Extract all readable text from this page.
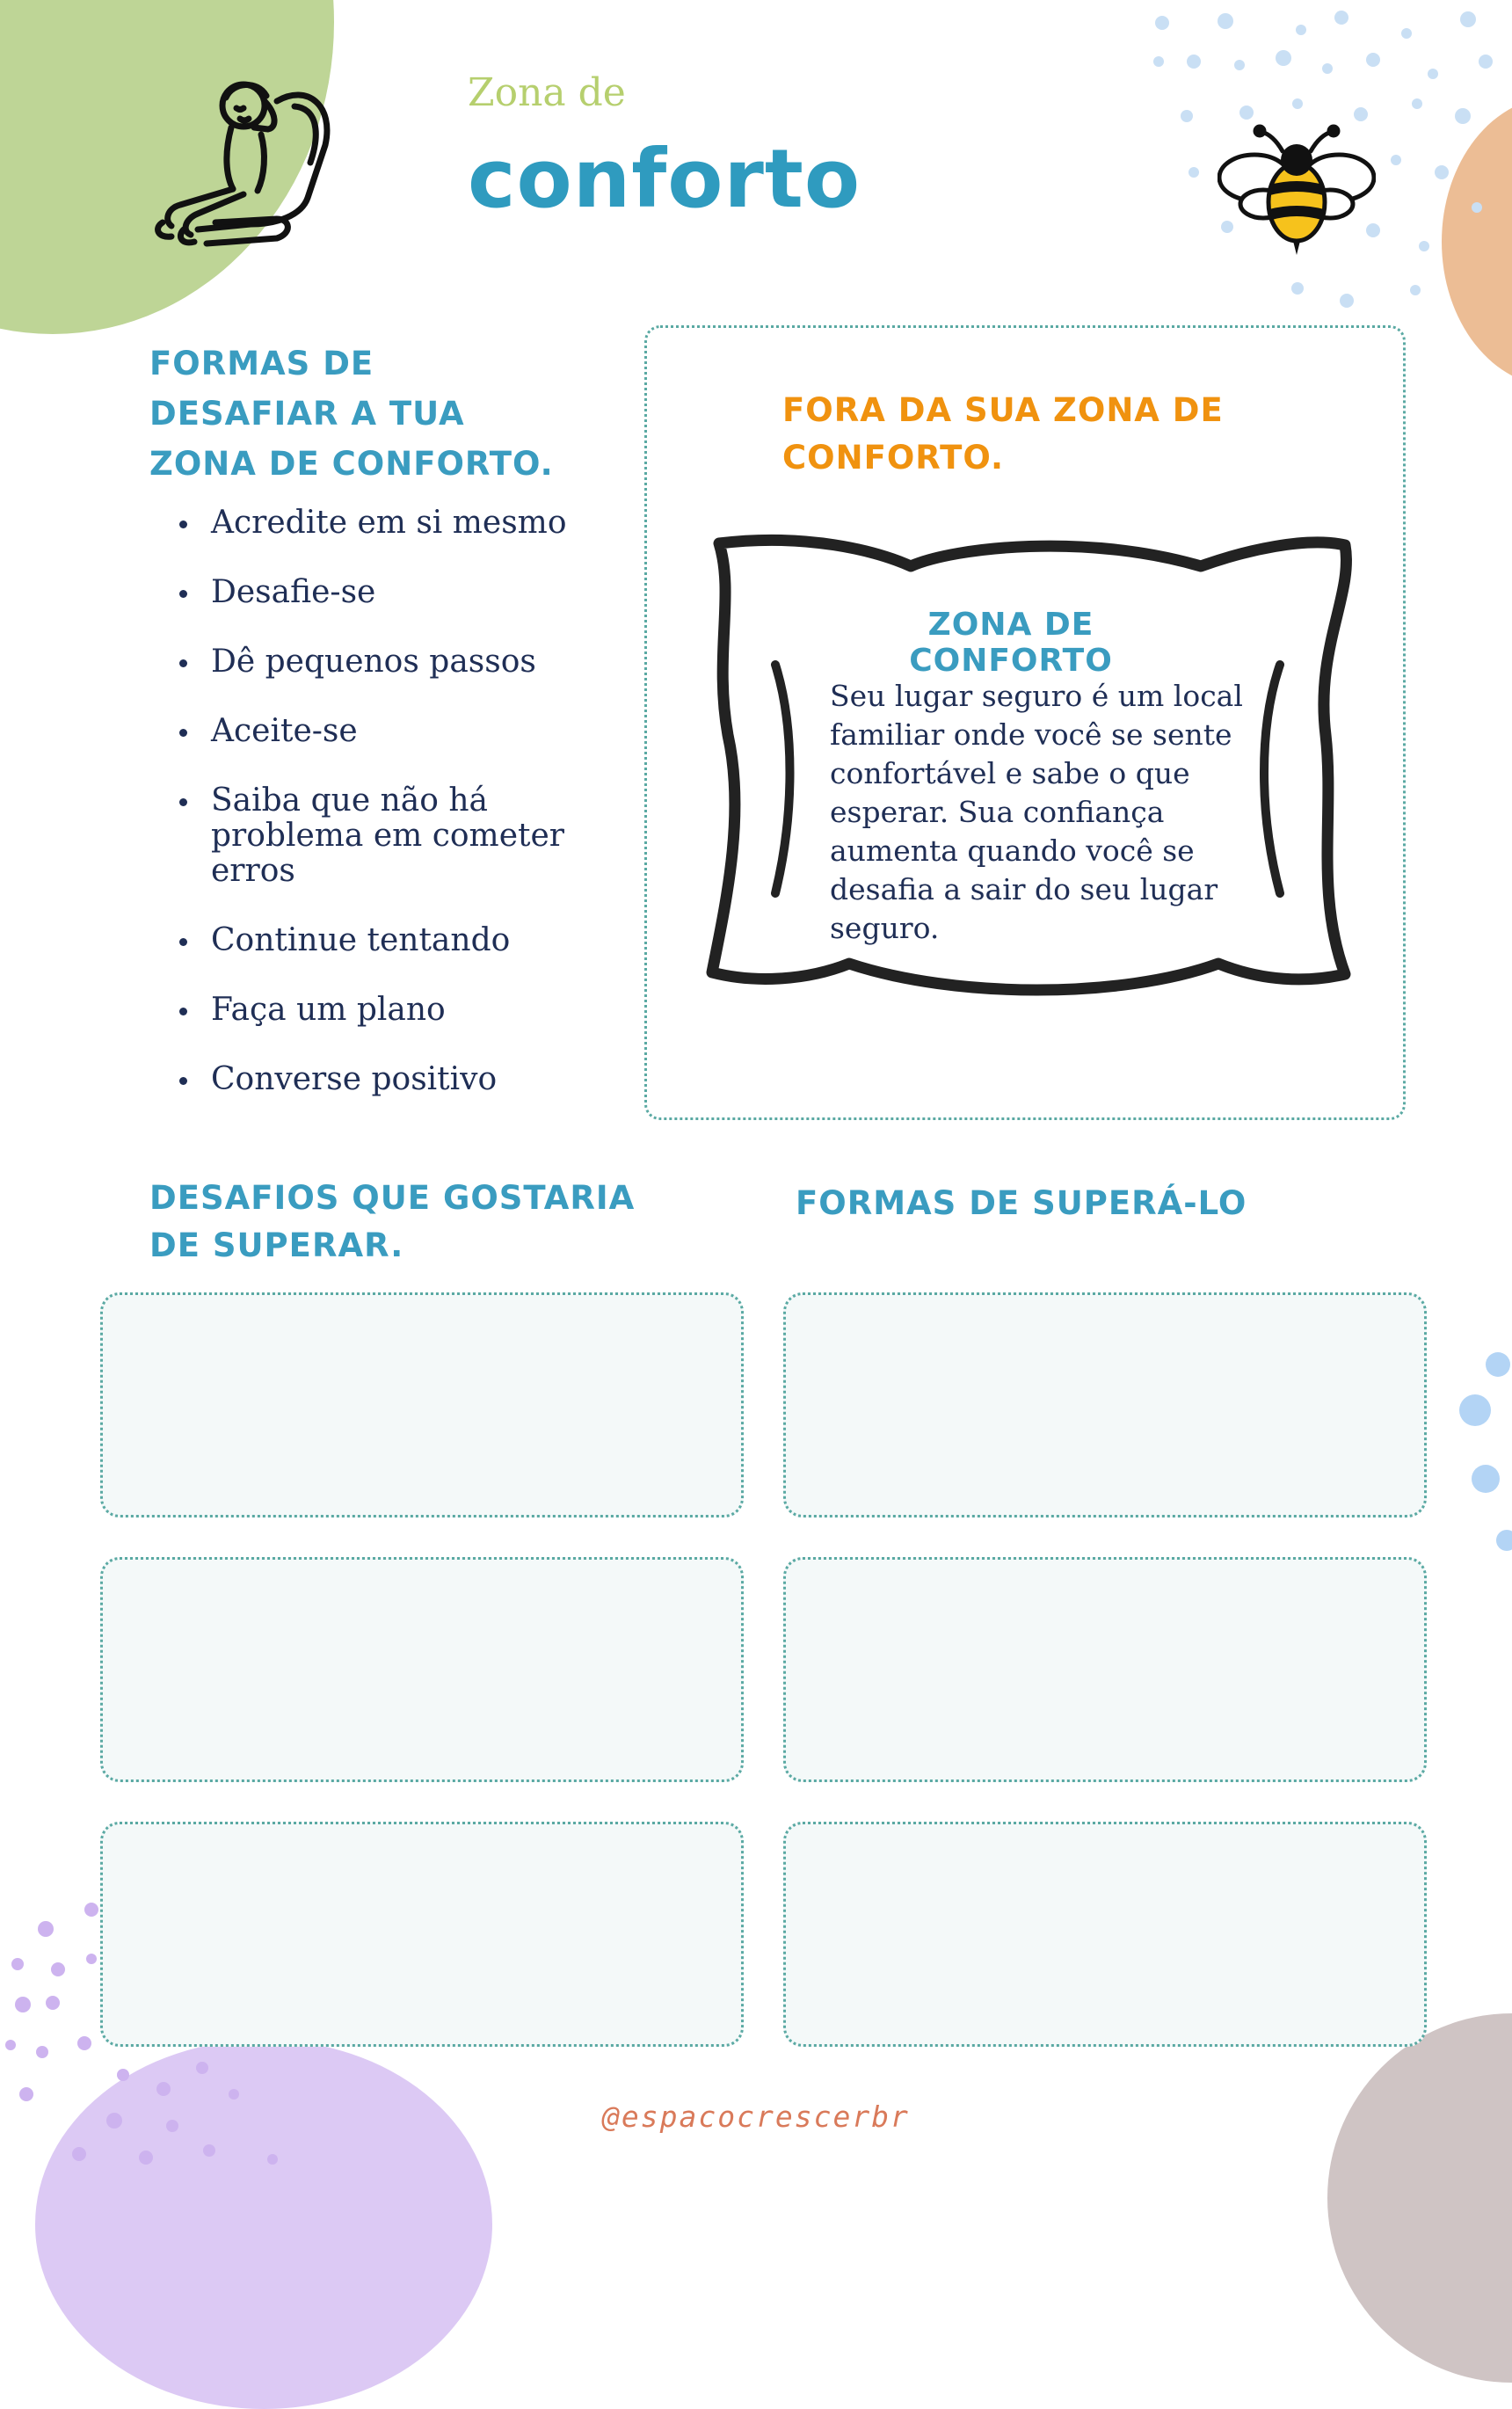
Zona de

conforto

FORMAS DE

DESAFIAR A TUA

ZONA DE CONFORTO.

Acredite em si mesmo
Desafie-se
Dê pequenos passos
Aceite-se
Saiba que não há problema em cometer erros
Continue tentando
Faça um plano
Converse positivo

FORA DA SUA ZONA DE

CONFORTO.

ZONA DE CONFORTO

Seu lugar seguro é um local familiar onde você se sente confortável e sabe o que esperar. Sua confiança aumenta quando você se desafia a sair do seu lugar seguro.

DESAFIOS QUE GOSTARIA

DE SUPERAR.

FORMAS DE SUPERÁ-LO

@espacocrescerbr
